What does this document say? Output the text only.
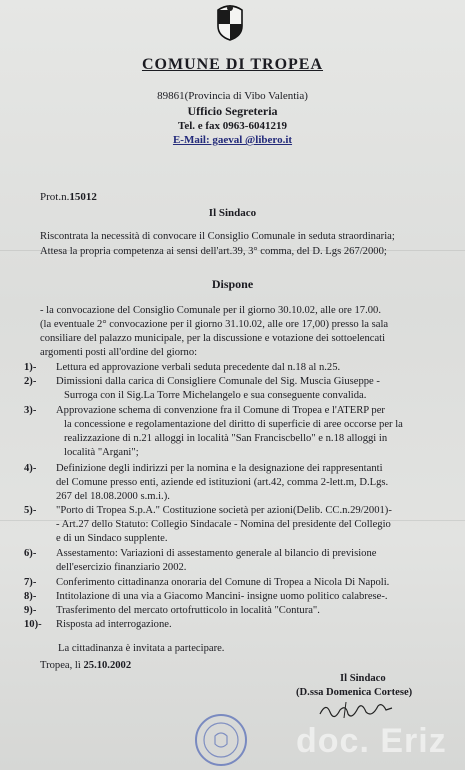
COMUNE DI TROPEA
89861(Provincia di Vibo Valentia)
Ufficio Segreteria
Tel. e fax 0963-6041219
E-Mail: gaeval @libero.it
Prot.n.15012
Il Sindaco
Riscontrata la necessità di convocare il Consiglio Comunale in seduta straordinaria;
Attesa la propria competenza ai sensi dell'art.39, 3° comma, del D. Lgs 267/2000;
Dispone
- la convocazione del Consiglio Comunale per il giorno 30.10.02, alle ore 17.00.
(la eventuale 2° convocazione per il giorno 31.10.02, alle ore 17,00) presso la sala
consiliare del palazzo municipale, per la discussione e votazione dei sottoelencati
argomenti posti all'ordine del giorno:
1)- Lettura ed approvazione verbali seduta precedente dal n.18 al n.25.
2)- Dimissioni dalla carica di Consigliere Comunale del Sig. Muscia Giuseppe -
Surroga con il Sig.La Torre Michelangelo e sua conseguente convalida.
3)- Approvazione schema di convenzione fra il Comune di Tropea e l'ATERP per
la concessione e regolamentazione del diritto di superficie di aree occorse per la
realizzazione di n.21 alloggi in località "San Franciscbello" e n.18 alloggi in
località "Argani";
4)- Definizione degli indirizzi per la nomina e la designazione dei rappresentanti
del Comune presso enti, aziende ed istituzioni (art.42, comma 2-lett.m, D.Lgs.
267 del 18.08.2000 s.m.i.).
5)- "Porto di Tropea S.p.A." Costituzione società per azioni(Delib. CC.n.29/2001)-
- Art.27 dello Statuto: Collegio Sindacale - Nomina del presidente del Collegio
e di un Sindaco supplente.
6)- Assestamento: Variazioni di assestamento generale al bilancio di previsione
dell'esercizio finanziario 2002.
7)- Conferimento cittadinanza onoraria del Comune di Tropea a Nicola Di Napoli.
8)- Intitolazione di una via a Giacomo Mancini- insigne uomo politico calabrese-.
9)- Trasferimento del mercato ortofrutticolo in località "Contura".
10)- Risposta ad interrogazione.
La cittadinanza è invitata a partecipare.
Tropea, lì 25.10.2002
Il Sindaco
(D.ssa Domenica Cortese)
doc. Eriz
